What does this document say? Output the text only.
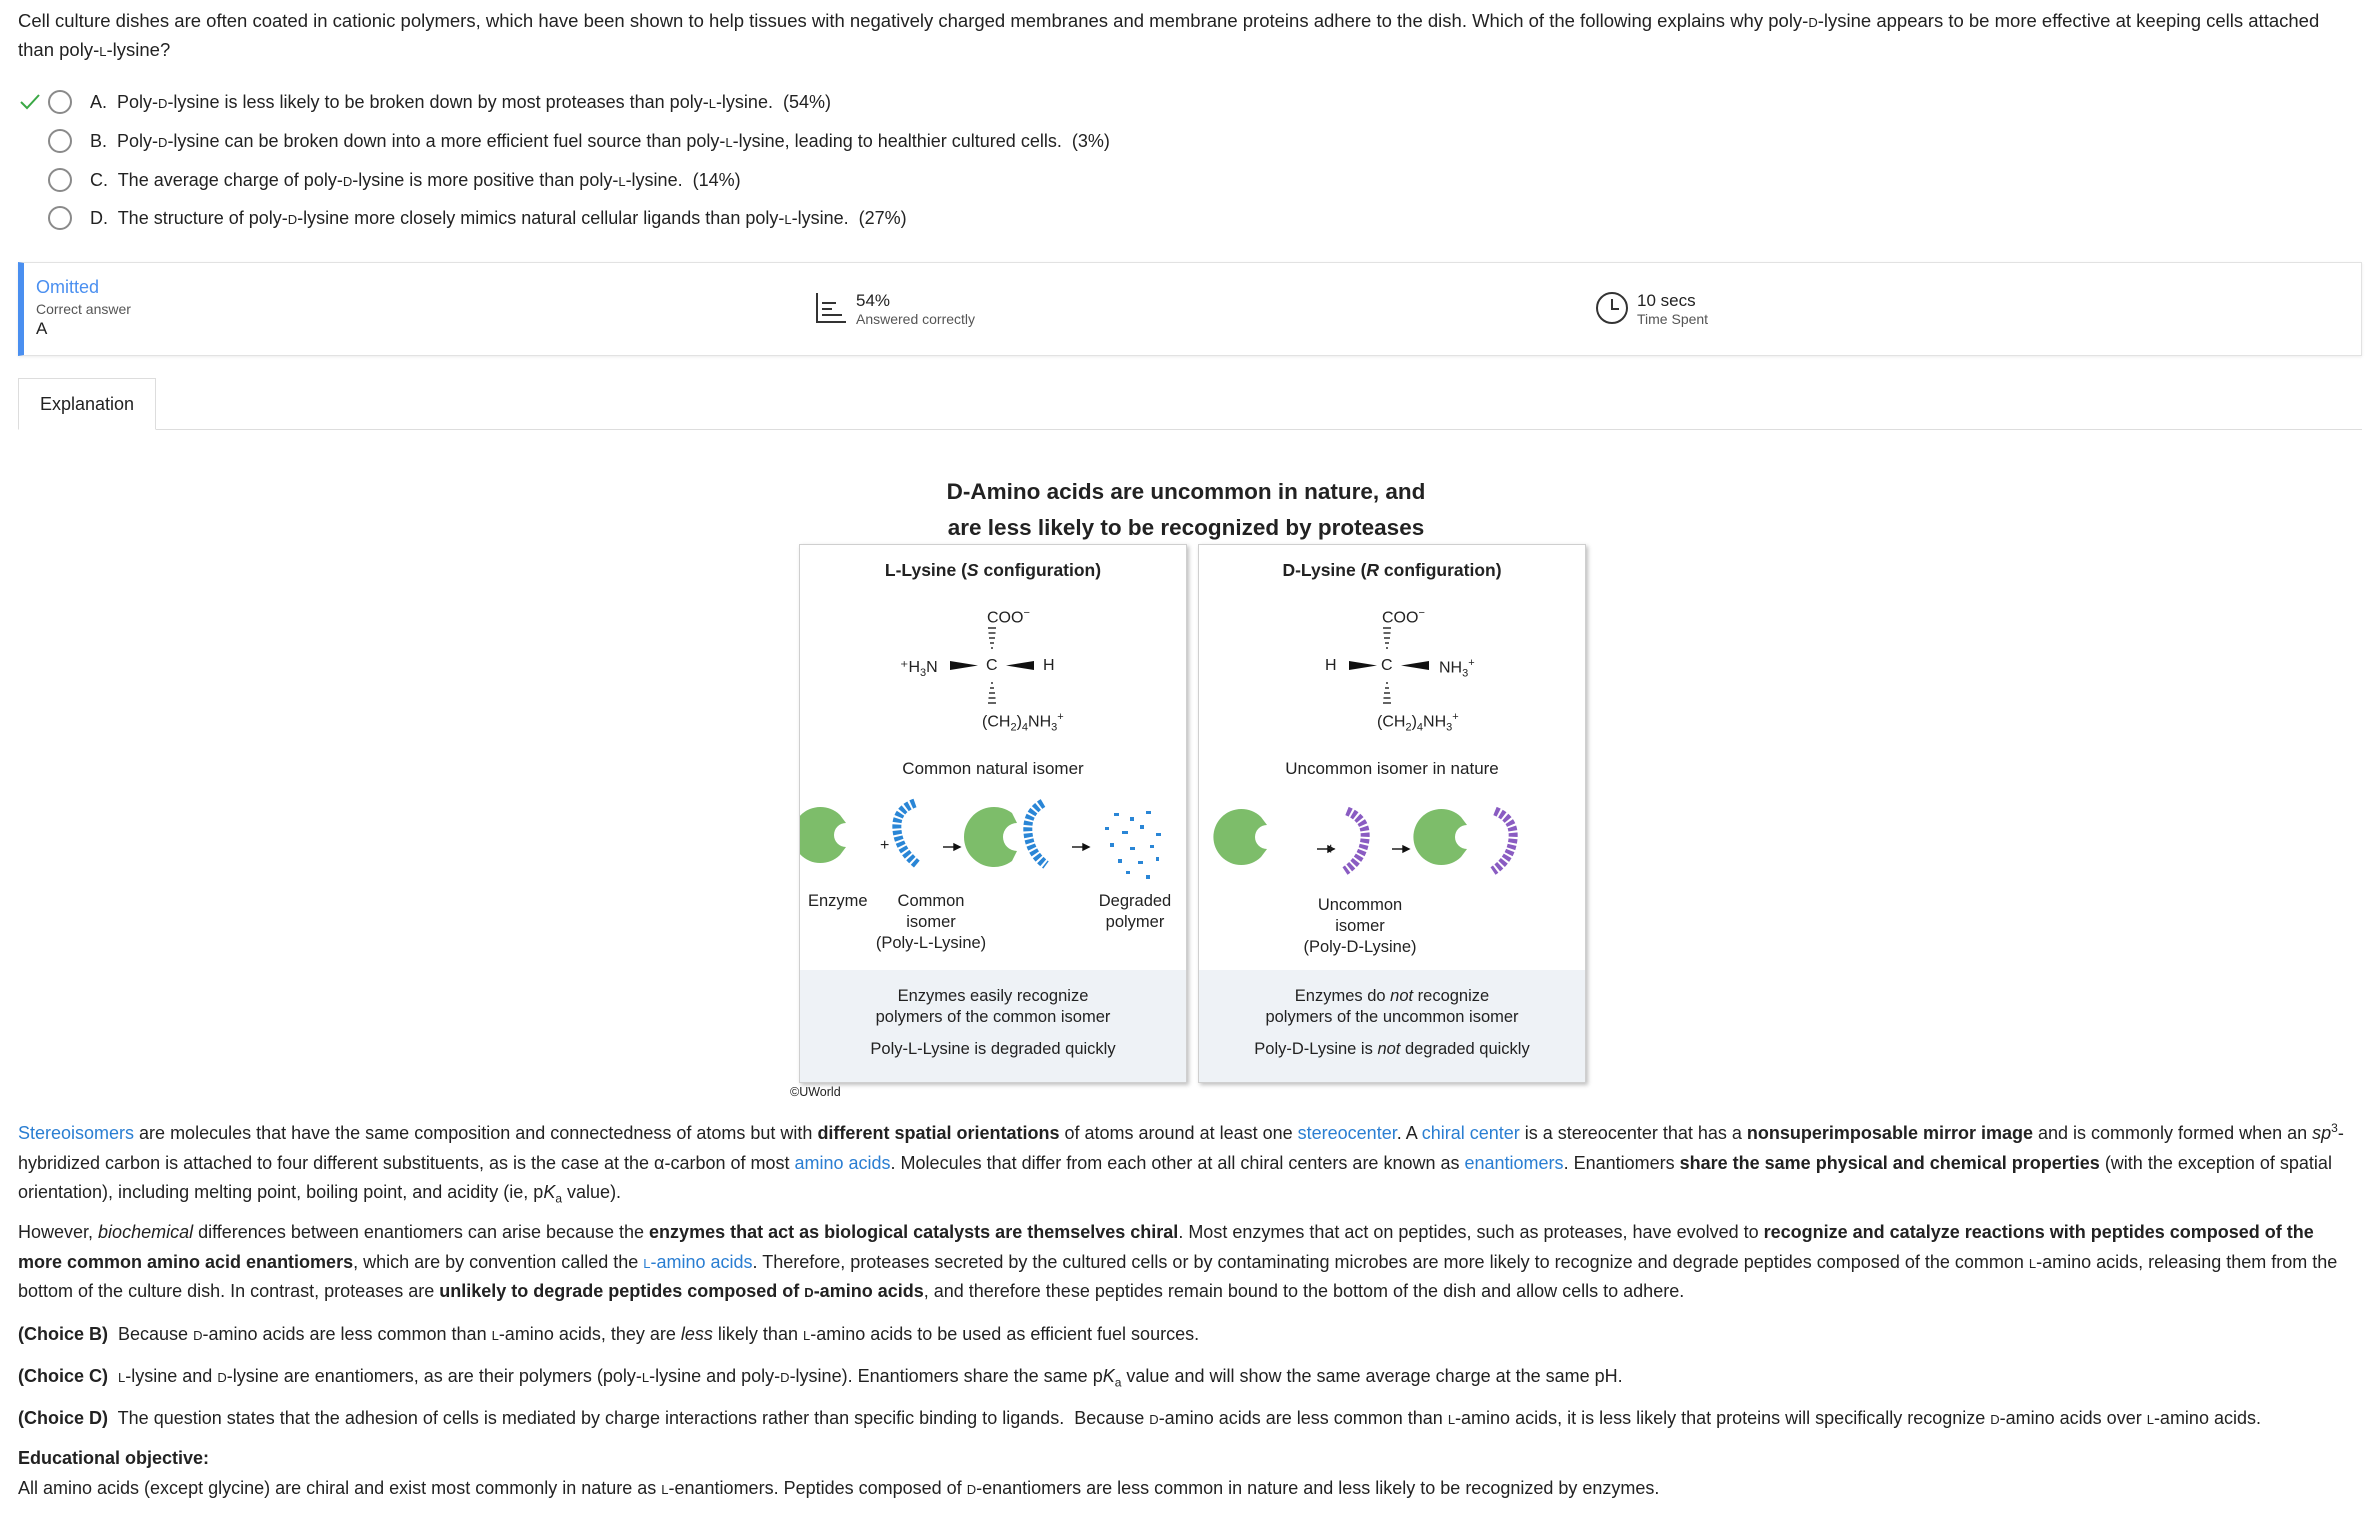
Cell culture dishes are often coated in cationic polymers, which have been shown to help tissues with negatively charged membranes and membrane proteins adhere to the dish. Which of the following explains why poly-d-lysine appears to be more effective at keeping cells attached than poly-l-lysine?
A. Poly-d-lysine is less likely to be broken down by most proteases than poly-l-lysine. (54%)
B. Poly-d-lysine can be broken down into a more efficient fuel source than poly-l-lysine, leading to healthier cultured cells. (3%)
C. The average charge of poly-d-lysine is more positive than poly-l-lysine. (14%)
D. The structure of poly-d-lysine more closely mimics natural cellular ligands than poly-l-lysine. (27%)
Omitted
Correct answer
A
54%
Answered correctly
10 secs
Time Spent
Explanation
D-Amino acids are uncommon in nature, and
are less likely to be recognized by proteases
L-Lysine (S configuration)
COO−
$^+H_3N$	C	H
$(CH_2)_4NH_3^+$
Common natural isomer
+
Enzyme	Common
isomer
(Poly-L-Lysine)
Degraded
polymer
Enzymes easily recognize
polymers of the common isomer
Poly-L-Lysine is degraded quickly
D-Lysine (R configuration)
COO−
H	C	$NH_3^+$
$(CH_2)_4NH_3^+$
Uncommon isomer in nature
+
Uncommon
isomer
(Poly-D-Lysine)
Enzymes do not recognize
polymers of the uncommon isomer
Poly-D-Lysine is not degraded quickly
©UWorld
Stereoisomers are molecules that have the same composition and connectedness of atoms but with different spatial orientations of atoms around at least one stereocenter. A chiral center is a stereocenter that has a nonsuperimposable mirror image and is commonly formed when an $sp^3$-hybridized carbon is attached to four different substituents, as is the case at the α-carbon of most amino acids. Molecules that differ from each other at all chiral centers are known as enantiomers. Enantiomers share the same physical and chemical properties (with the exception of spatial orientation), including melting point, boiling point, and acidity (ie, $pK_a$ value).
However, biochemical differences between enantiomers can arise because the enzymes that act as biological catalysts are themselves chiral. Most enzymes that act on peptides, such as proteases, have evolved to recognize and catalyze reactions with peptides composed of the more common amino acid enantiomers, which are by convention called the l-amino acids. Therefore, proteases secreted by the cultured cells or by contaminating microbes are more likely to recognize and degrade peptides composed of the common l-amino acids, releasing them from the bottom of the culture dish. In contrast, proteases are unlikely to degrade peptides composed of d-amino acids, and therefore these peptides remain bound to the bottom of the dish and allow cells to adhere.
(Choice B)  Because d-amino acids are less common than l-amino acids, they are less likely than l-amino acids to be used as efficient fuel sources.
(Choice C) l-lysine and d-lysine are enantiomers, as are their polymers (poly-l-lysine and poly-d-lysine). Enantiomers share the same $pK_a$ value and will show the same average charge at the same pH.
(Choice D)  The question states that the adhesion of cells is mediated by charge interactions rather than specific binding to ligands.  Because d-amino acids are less common than l-amino acids, it is less likely that proteins will specifically recognize d-amino acids over l-amino acids.
Educational objective:
All amino acids (except glycine) are chiral and exist most commonly in nature as l-enantiomers. Peptides composed of d-enantiomers are less common in nature and less likely to be recognized by enzymes.
